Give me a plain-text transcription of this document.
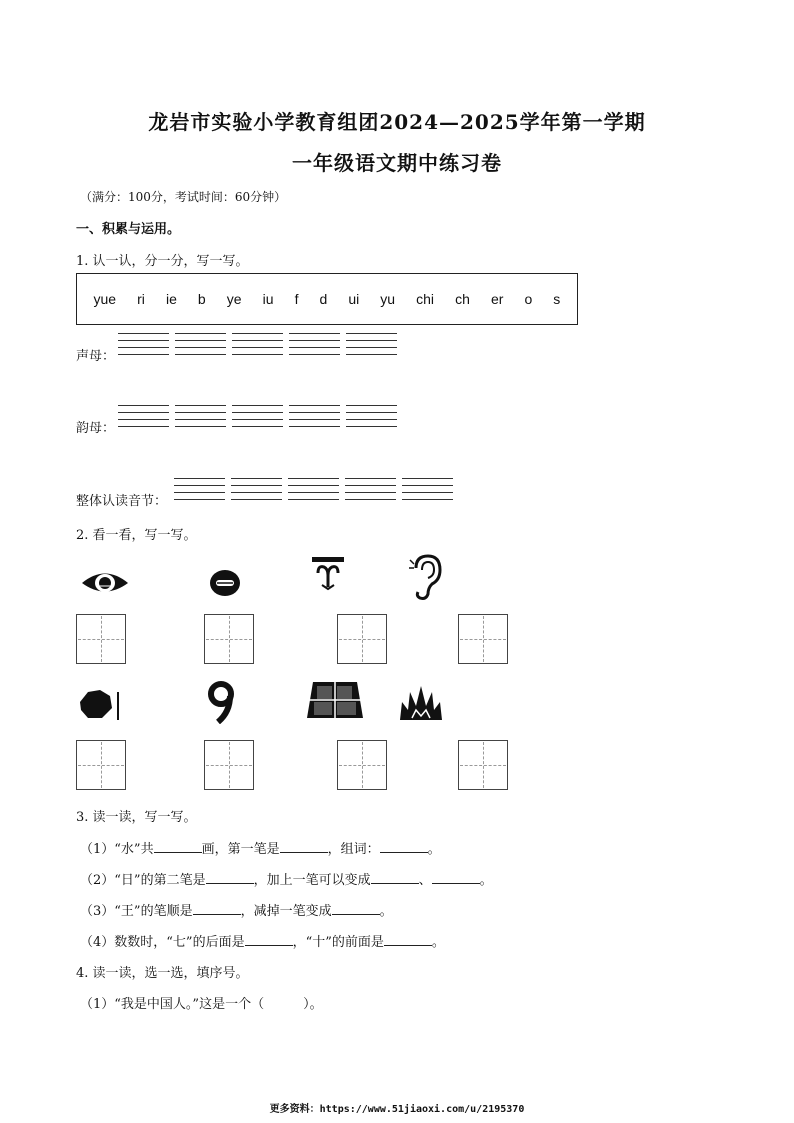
龙岩市实验小学教育组团2024—2025学年第一学期
一年级语文期中练习卷
（满分：100分，考试时间：60分钟）
一、积累与运用。
1. 认一认，分一分，写一写。
yue ri ie b ye iu f d ui yu chi ch er o s
声母：
韵母：
整体认读音节：
2. 看一看，写一写。
3. 读一读，写一写。
（1）“水”共	画，第一笔是	，组词：	。
（2）“日”的第二笔是	，加上一笔可以变成	、	。
（3）“王”的笔顺是	，减掉一笔变成	。
（4）数数时，“七”的后面是	，“十”的前面是	。
4. 读一读，选一选，填序号。
（1）“我是中国人。”这是一个（　　　）。
更多资料：https://www.51jiaoxi.com/u/2195370
